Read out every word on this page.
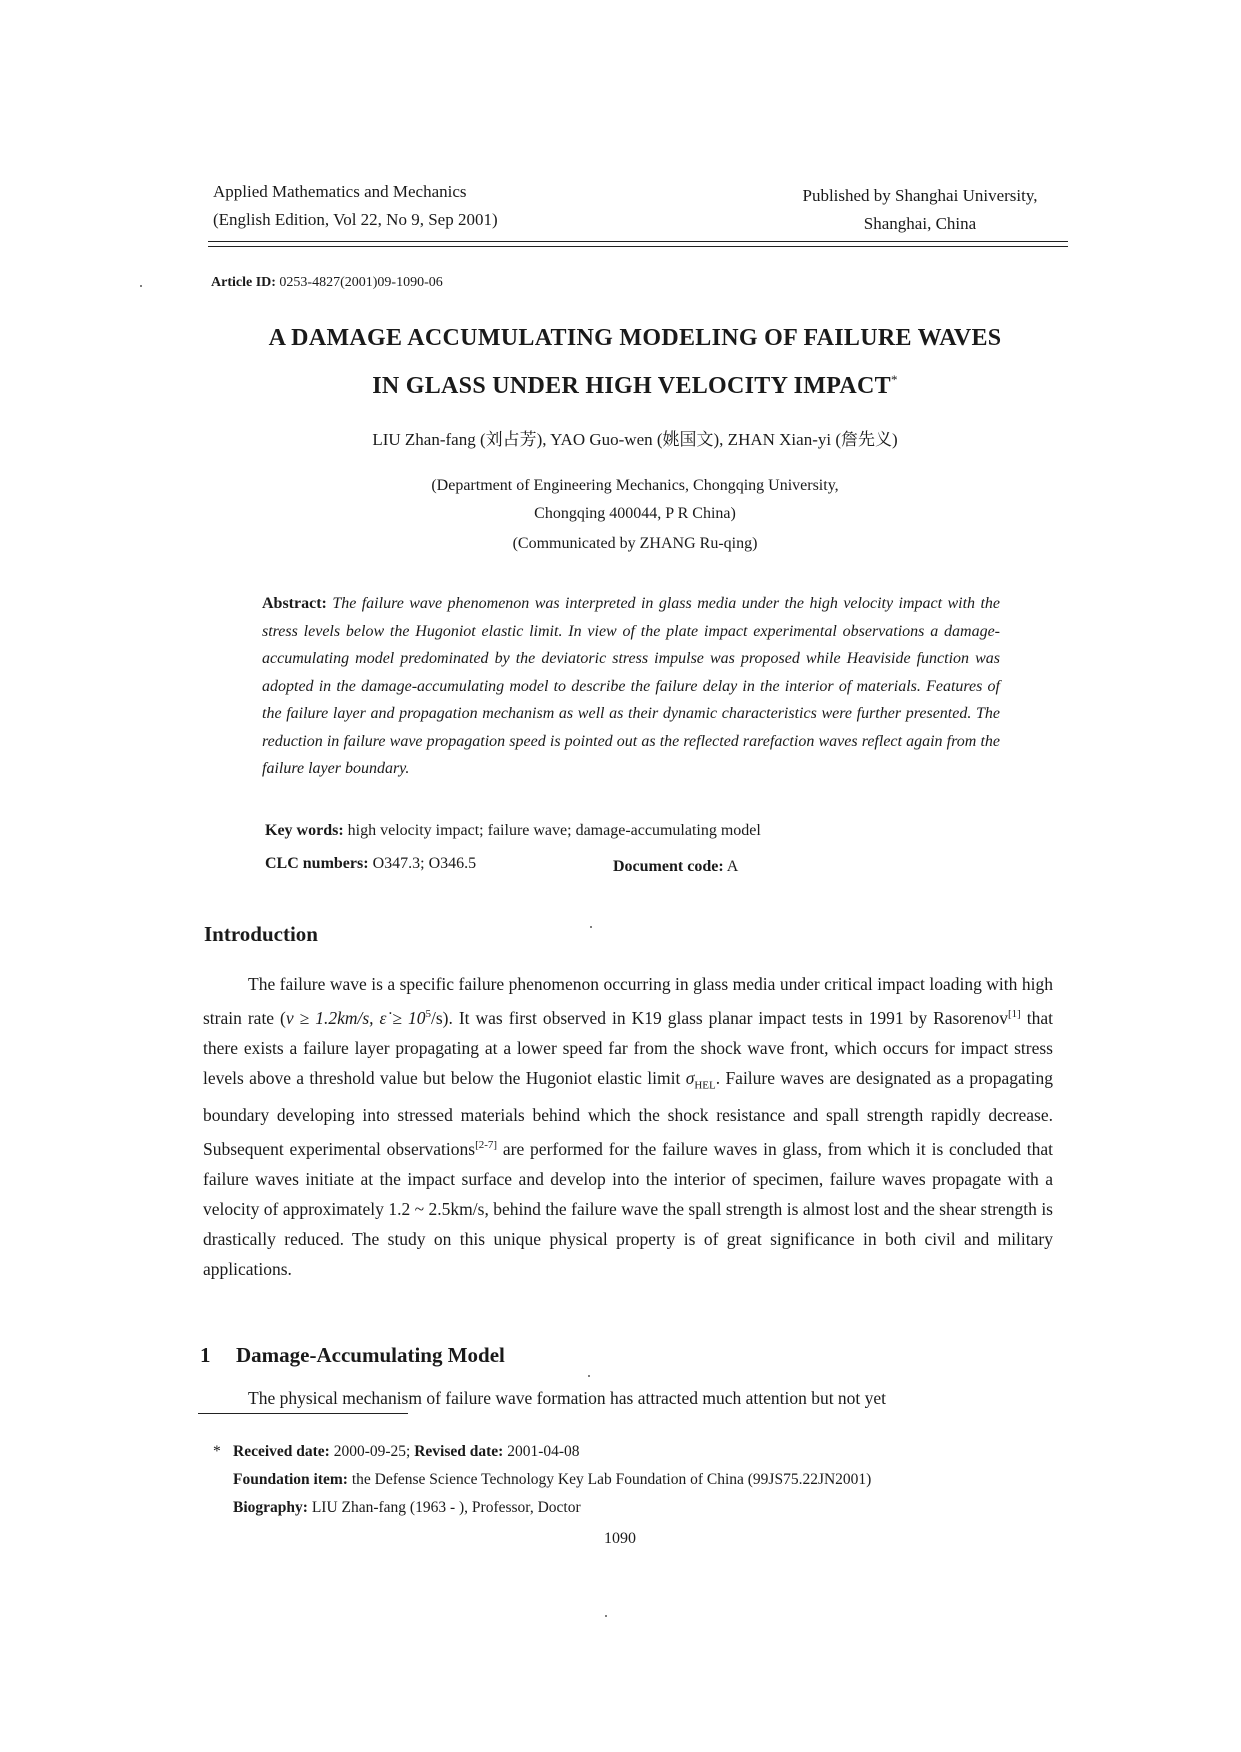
Applied Mathematics and Mechanics
(English Edition, Vol 22, No 9, Sep 2001)
Published by Shanghai University,
Shanghai, China
Article ID: 0253-4827(2001)09-1090-06
A DAMAGE ACCUMULATING MODELING OF FAILURE WAVES
IN GLASS UNDER HIGH VELOCITY IMPACT*
LIU Zhan-fang (刘占芳), YAO Guo-wen (姚国文), ZHAN Xian-yi (詹先义)
(Department of Engineering Mechanics, Chongqing University,
Chongqing 400044, P R China)
(Communicated by ZHANG Ru-qing)
Abstract: The failure wave phenomenon was interpreted in glass media under the high velocity impact with the stress levels below the Hugoniot elastic limit. In view of the plate impact experimental observations a damage-accumulating model predominated by the deviatoric stress impulse was proposed while Heaviside function was adopted in the damage-accumulating model to describe the failure delay in the interior of materials. Features of the failure layer and propagation mechanism as well as their dynamic characteristics were further presented. The reduction in failure wave propagation speed is pointed out as the reflected rarefaction waves reflect again from the failure layer boundary.
Key words: high velocity impact; failure wave; damage-accumulating model
CLC numbers: O347.3; O346.5	Document code: A
Introduction
The failure wave is a specific failure phenomenon occurring in glass media under critical impact loading with high strain rate (v ≥ 1.2km/s, ε̇ ≥ $10^5/s$). It was first observed in K19 glass planar impact tests in 1991 by Rasorenov[1] that there exists a failure layer propagating at a lower speed far from the shock wave front, which occurs for impact stress levels above a threshold value but below the Hugoniot elastic limit $\sigma_{HEL}$. Failure waves are designated as a propagating boundary developing into stressed materials behind which the shock resistance and spall strength rapidly decrease. Subsequent experimental observations[2-7] are performed for the failure waves in glass, from which it is concluded that failure waves initiate at the impact surface and develop into the interior of specimen, failure waves propagate with a velocity of approximately 1.2 ~ 2.5km/s, behind the failure wave the spall strength is almost lost and the shear strength is drastically reduced. The study on this unique physical property is of great significance in both civil and military applications.
1 Damage-Accumulating Model
The physical mechanism of failure wave formation has attracted much attention but not yet
* Received date: 2000-09-25; Revised date: 2001-04-08
Foundation item: the Defense Science Technology Key Lab Foundation of China (99JS75.22JN2001)
Biography: LIU Zhan-fang (1963 - ), Professor, Doctor
1090
